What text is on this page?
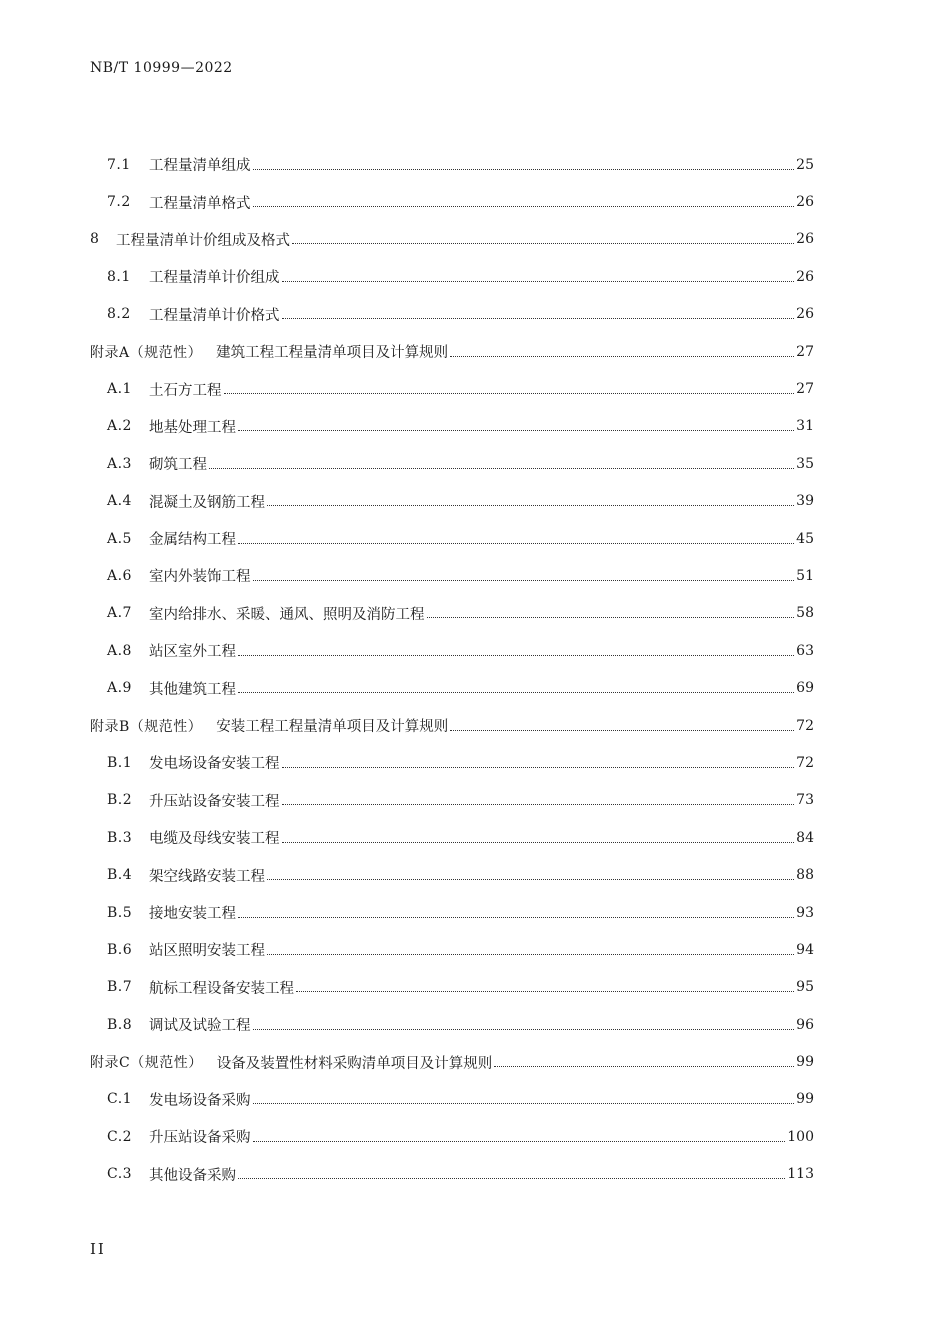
NB/T 10999—2022
7.1	工程量清单组成	25
7.2	工程量清单格式	26
8	工程量清单计价组成及格式	26
8.1	工程量清单计价组成	26
8.2	工程量清单计价格式	26
附录A（规范性） 建筑工程工程量清单项目及计算规则	27
A.1	土石方工程	27
A.2	地基处理工程	31
A.3	砌筑工程	35
A.4	混凝土及钢筋工程	39
A.5	金属结构工程	45
A.6	室内外装饰工程	51
A.7	室内给排水、采暖、通风、照明及消防工程	58
A.8	站区室外工程	63
A.9	其他建筑工程	69
附录B（规范性） 安装工程工程量清单项目及计算规则	72
B.1	发电场设备安装工程	72
B.2	升压站设备安装工程	73
B.3	电缆及母线安装工程	84
B.4	架空线路安装工程	88
B.5	接地安装工程	93
B.6	站区照明安装工程	94
B.7	航标工程设备安装工程	95
B.8	调试及试验工程	96
附录C（规范性） 设备及装置性材料采购清单项目及计算规则	99
C.1	发电场设备采购	99
C.2	升压站设备采购	100
C.3	其他设备采购	113
II
